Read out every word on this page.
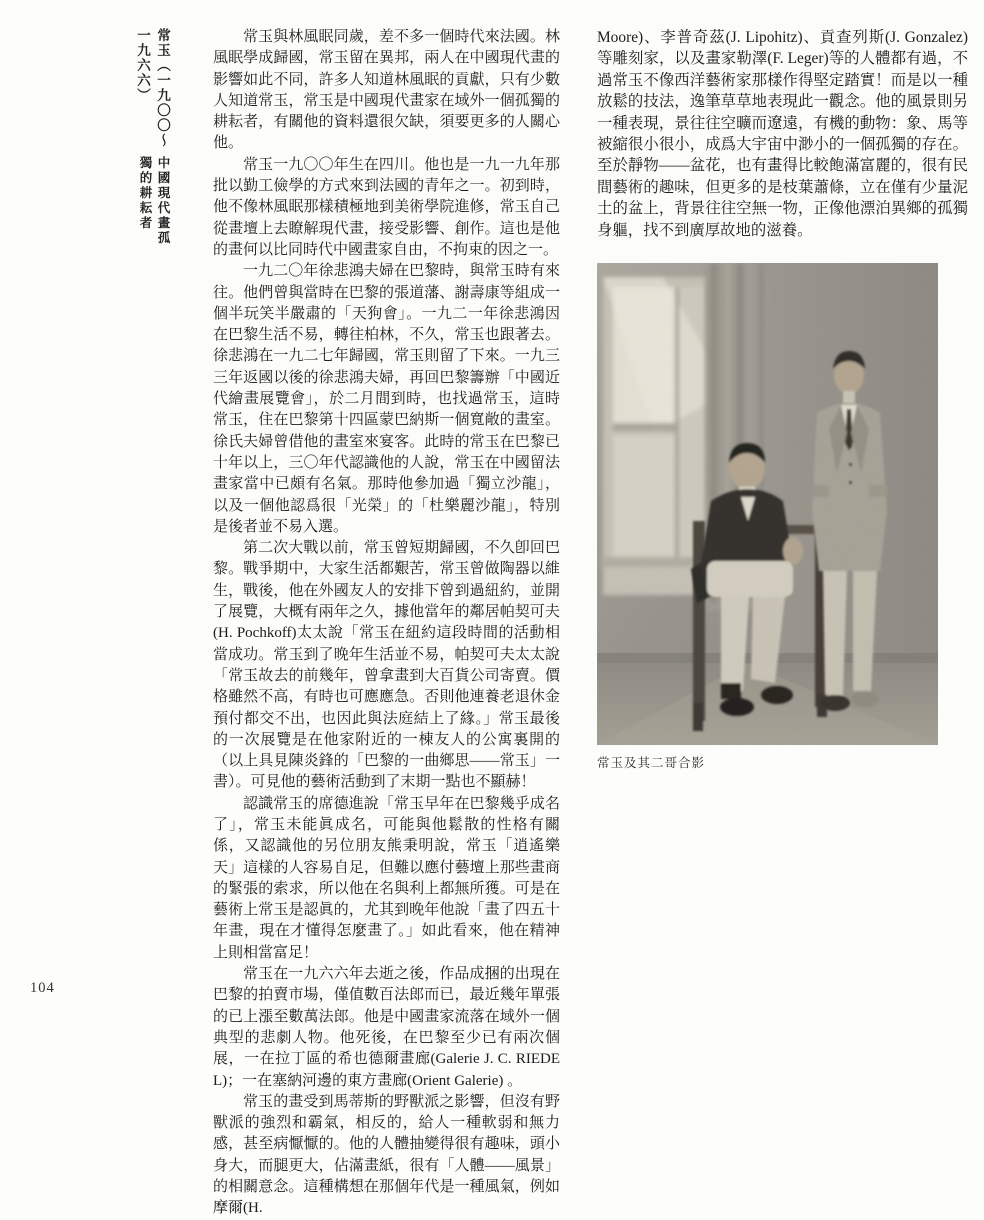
常玉（一九〇〇〜一九六六）
中國現代畫孤獨的耕耘者

常玉與林風眠同歲，差不多一個時代來法國。林風眠學成歸國，常玉留在異邦，兩人在中國現代畫的影響如此不同，許多人知道林風眠的貢獻，只有少數人知道常玉，常玉是中國現代畫家在域外一個孤獨的耕耘者，有關他的資料還很欠缺，須要更多的人關心他。

常玉一九〇〇年生在四川。他也是一九一九年那批以勤工儉學的方式來到法國的青年之一。初到時，他不像林風眠那樣積極地到美術學院進修，常玉自己從畫壇上去瞭解現代畫，接受影響、創作。這也是他的畫何以比同時代中國畫家自由，不拘束的因之一。

一九二〇年徐悲鴻夫婦在巴黎時，與常玉時有來往。他們曾與當時在巴黎的張道藩、謝壽康等組成一個半玩笑半嚴肅的「天狗會」。一九二一年徐悲鴻因在巴黎生活不易，轉往柏林，不久，常玉也跟著去。徐悲鴻在一九二七年歸國，常玉則留了下來。一九三三年返國以後的徐悲鴻夫婦，再回巴黎籌辦「中國近代繪畫展覽會」，於二月間到時，也找過常玉，這時常玉，住在巴黎第十四區蒙巴納斯一個寬敞的畫室。徐氏夫婦曾借他的畫室來宴客。此時的常玉在巴黎已十年以上，三〇年代認識他的人說，常玉在中國留法畫家當中已頗有名氣。那時他參加過「獨立沙龍」，以及一個他認爲很「光榮」的「杜樂麗沙龍」，特別是後者並不易入選。

第二次大戰以前，常玉曾短期歸國，不久卽回巴黎。戰爭期中，大家生活都艱苦，常玉曾做陶器以維生，戰後，他在外國友人的安排下曾到過紐約，並開了展覽，大概有兩年之久，據他當年的鄰居帕契可夫(H. Pochkoff)太太說「常玉在紐約這段時間的活動相當成功。常玉到了晚年生活並不易，帕契可夫太太說「常玉故去的前幾年，曾拿畫到大百貨公司寄賣。價格雖然不高，有時也可應應急。否則他連養老退休金預付都交不出，也因此與法庭結上了緣。」常玉最後的一次展覽是在他家附近的一棟友人的公寓裏開的（以上具見陳炎鋒的「巴黎的一曲鄉思——常玉」一書）。可見他的藝術活動到了末期一點也不顯赫！

認識常玉的席德進說「常玉早年在巴黎幾乎成名了」，常玉未能眞成名，可能與他鬆散的性格有關係，又認識他的另位朋友熊秉明說，常玉「逍遙樂天」這樣的人容易自足，但難以應付藝壇上那些畫商的緊張的索求，所以他在名與利上都無所獲。可是在藝術上常玉是認眞的，尤其到晚年他說「畫了四五十年畫，現在才懂得怎麼畫了。」如此看來，他在精神上則相當富足！

常玉在一九六六年去逝之後，作品成捆的出現在巴黎的拍賣市場，僅值數百法郎而已，最近幾年單張的已上漲至數萬法郎。他是中國畫家流落在域外一個典型的悲劇人物。他死後，在巴黎至少已有兩次個展，一在拉丁區的希也德爾畫廊(Galerie J. C. RIEDEL)；一在塞納河邊的東方畫廊(Orient Galerie) 。

常玉的畫受到馬蒂斯的野獸派之影響，但沒有野獸派的強烈和霸氣，相反的，給人一種軟弱和無力感，甚至病懨懨的。他的人體抽變得很有趣味，頭小身大，而腿更大，佔滿畫紙，很有「人體——風景」的相關意念。這種構想在那個年代是一種風氣，例如摩爾(H.

Moore)、李普奇茲(J. Lipohitz)、貢查列斯(J. Gonzalez)等雕刻家，以及畫家勒澤(F. Leger)等的人體都有過，不過常玉不像西洋藝術家那樣作得堅定踏實！而是以一種放鬆的技法，逸筆草草地表現此一觀念。他的風景則另一種表現，景往往空曠而遼遠，有機的動物：象、馬等被縮很小很小，成爲大宇宙中渺小的一個孤獨的存在。至於靜物——盆花，也有畫得比較飽滿富麗的，很有民間藝術的趣味，但更多的是枝葉蕭條，立在僅有少量泥土的盆上，背景往往空無一物，正像他漂泊異鄉的孤獨身軀，找不到廣厚故地的滋養。

常玉及其二哥合影
104
